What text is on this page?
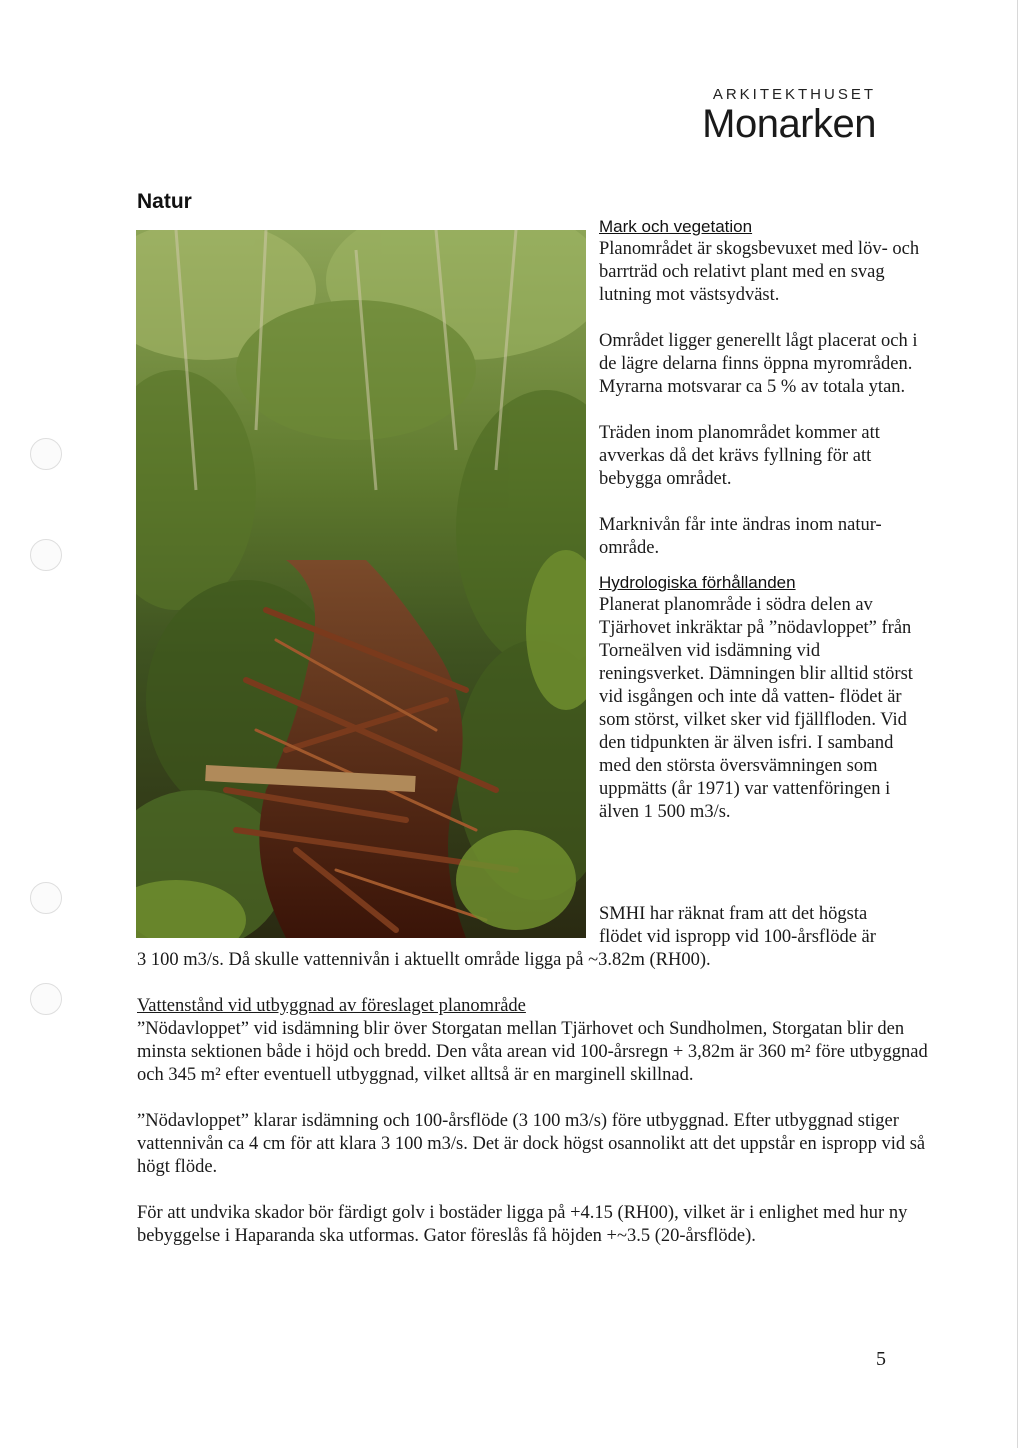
ARKITEKTHUSET
Monarken
Natur
Mark och vegetation

Planområdet är skogsbevuxet med löv- och barrträd och relativt plant med en svag lutning mot västsydväst.

Området ligger generellt lågt placerat och i de lägre delarna finns öppna myrområden. Myrarna motsvarar ca 5 % av totala ytan.

Träden inom planområdet kommer att avverkas då det krävs fyllning för att bebygga området.

Marknivån får inte ändras inom natur- område.

Hydrologiska förhållanden

Planerat planområde i södra delen av Tjärhovet inkräktar på ”nödavloppet” från Torneälven vid isdämning vid reningsverket. Dämningen blir alltid störst vid isgången och inte då vatten- flödet är som störst, vilket sker vid fjällfloden. Vid den tidpunkten är älven isfri. I samband med den största översvämningen som uppmätts (år 1971) var vattenföringen i älven 1 500 m3/s.

SMHI har räknat fram att det högsta
flödet vid ispropp vid 100-årsflöde är
3 100 m3/s. Då skulle vattennivån i aktuellt område ligga på ~3.82m (RH00).
Vattenstånd vid utbyggnad av föreslaget planområde

”Nödavloppet” vid isdämning blir över Storgatan mellan Tjärhovet och Sundholmen, Storgatan blir den minsta sektionen både i höjd och bredd. Den våta arean vid 100-årsregn + 3,82m är 360 m² före utbyggnad och 345 m² efter eventuell utbyggnad, vilket alltså är en marginell skillnad.

”Nödavloppet” klarar isdämning och 100-årsflöde (3 100 m3/s) före utbyggnad. Efter utbyggnad stiger vattennivån ca 4 cm för att klara 3 100 m3/s. Det är dock högst osannolikt att det uppstår en ispropp vid så högt flöde.

För att undvika skador bör färdigt golv i bostäder ligga på +4.15 (RH00), vilket är i enlighet med hur ny bebyggelse i Haparanda ska utformas. Gator föreslås få höjden +~3.5 (20-årsflöde).

5
